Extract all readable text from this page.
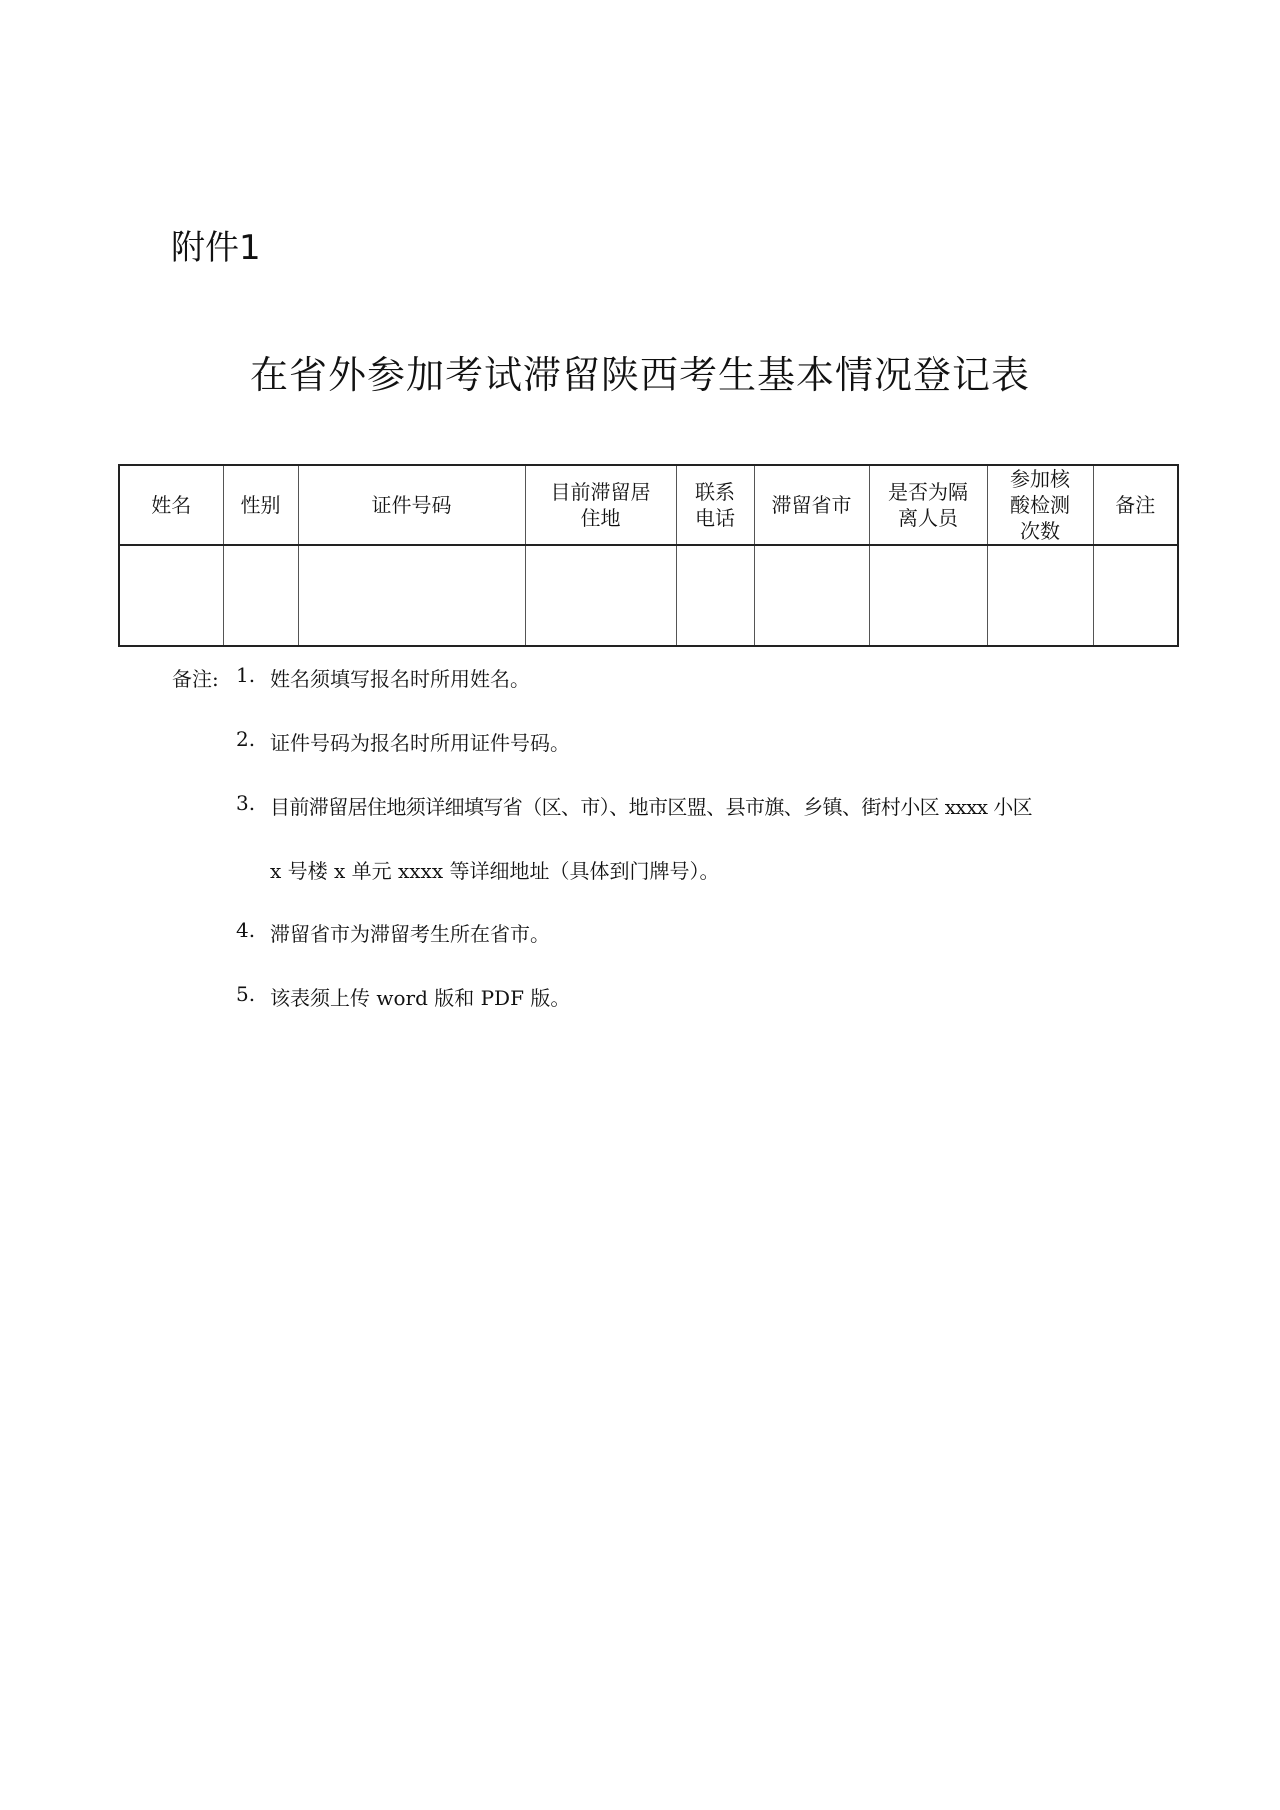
附件1
在省外参加考试滞留陕西考生基本情况登记表
姓名	性别	证件号码	目前滞留居住地	联系电话	滞留省市	是否为隔离人员	参加核酸检测次数	备注

备注: 1. 姓名须填写报名时所用姓名。
2. 证件号码为报名时所用证件号码。
3. 目前滞留居住地须详细填写省（区、市）、地市区盟、县市旗、乡镇、街村小区 xxxx 小区
x 号楼 x 单元 xxxx 等详细地址（具体到门牌号）。
4. 滞留省市为滞留考生所在省市。
5. 该表须上传 word 版和 PDF 版。
